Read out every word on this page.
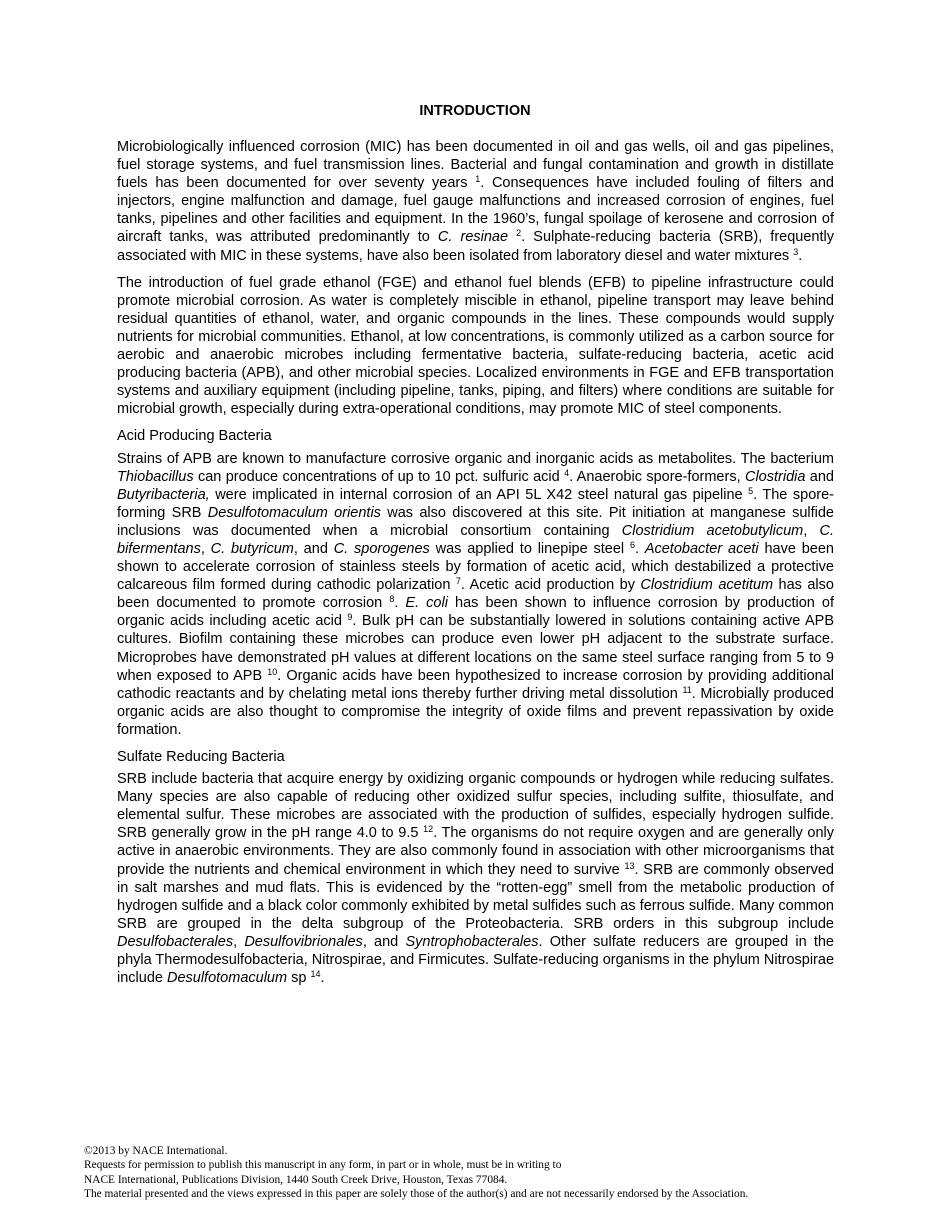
INTRODUCTION

Microbiologically influenced corrosion (MIC) has been documented in oil and gas wells, oil and gas pipelines, fuel storage systems, and fuel transmission lines. Bacterial and fungal contamination and growth in distillate fuels has been documented for over seventy years $^1$. Consequences have included fouling of filters and injectors, engine malfunction and damage, fuel gauge malfunctions and increased corrosion of engines, fuel tanks, pipelines and other facilities and equipment. In the 1960’s, fungal spoilage of kerosene and corrosion of aircraft tanks, was attributed predominantly to C. resinae $^2$. Sulphate-reducing bacteria (SRB), frequently associated with MIC in these systems, have also been isolated from laboratory diesel and water mixtures $^3$.

The introduction of fuel grade ethanol (FGE) and ethanol fuel blends (EFB) to pipeline infrastructure could promote microbial corrosion. As water is completely miscible in ethanol, pipeline transport may leave behind residual quantities of ethanol, water, and organic compounds in the lines. These compounds would supply nutrients for microbial communities. Ethanol, at low concentrations, is commonly utilized as a carbon source for aerobic and anaerobic microbes including fermentative bacteria, sulfate-reducing bacteria, acetic acid producing bacteria (APB), and other microbial species. Localized environments in FGE and EFB transportation systems and auxiliary equipment (including pipeline, tanks, piping, and filters) where conditions are suitable for microbial growth, especially during extra-operational conditions, may promote MIC of steel components.

Acid Producing Bacteria

Strains of APB are known to manufacture corrosive organic and inorganic acids as metabolites. The bacterium Thiobacillus can produce concentrations of up to 10 pct. sulfuric acid $^4$. Anaerobic spore-formers, Clostridia and Butyribacteria, were implicated in internal corrosion of an API 5L X42 steel natural gas pipeline $^5$. The spore-forming SRB Desulfotomaculum orientis was also discovered at this site. Pit initiation at manganese sulfide inclusions was documented when a microbial consortium containing Clostridium acetobutylicum, C. bifermentans, C. butyricum, and C. sporogenes was applied to linepipe steel $^6$. Acetobacter aceti have been shown to accelerate corrosion of stainless steels by formation of acetic acid, which destabilized a protective calcareous film formed during cathodic polarization $^7$. Acetic acid production by Clostridium acetitum has also been documented to promote corrosion $^8$. E. coli has been shown to influence corrosion by production of organic acids including acetic acid $^9$. Bulk pH can be substantially lowered in solutions containing active APB cultures. Biofilm containing these microbes can produce even lower pH adjacent to the substrate surface. Microprobes have demonstrated pH values at different locations on the same steel surface ranging from 5 to 9 when exposed to APB $^{10}$. Organic acids have been hypothesized to increase corrosion by providing additional cathodic reactants and by chelating metal ions thereby further driving metal dissolution $^{11}$. Microbially produced organic acids are also thought to compromise the integrity of oxide films and prevent repassivation by oxide formation.

Sulfate Reducing Bacteria

SRB include bacteria that acquire energy by oxidizing organic compounds or hydrogen while reducing sulfates. Many species are also capable of reducing other oxidized sulfur species, including sulfite, thiosulfate, and elemental sulfur. These microbes are associated with the production of sulfides, especially hydrogen sulfide. SRB generally grow in the pH range 4.0 to 9.5 $^{12}$. The organisms do not require oxygen and are generally only active in anaerobic environments. They are also commonly found in association with other microorganisms that provide the nutrients and chemical environment in which they need to survive $^{13}$. SRB are commonly observed in salt marshes and mud flats. This is evidenced by the “rotten-egg” smell from the metabolic production of hydrogen sulfide and a black color commonly exhibited by metal sulfides such as ferrous sulfide. Many common SRB are grouped in the delta subgroup of the Proteobacteria. SRB orders in this subgroup include Desulfobacterales, Desulfovibrionales, and Syntrophobacterales. Other sulfate reducers are grouped in the phyla Thermodesulfobacteria, Nitrospirae, and Firmicutes. Sulfate-reducing organisms in the phylum Nitrospirae include Desulfotomaculum sp $^{14}$.

©2013 by NACE International.
Requests for permission to publish this manuscript in any form, in part or in whole, must be in writing to
NACE International, Publications Division, 1440 South Creek Drive, Houston, Texas 77084.
The material presented and the views expressed in this paper are solely those of the author(s) and are not necessarily endorsed by the Association.
